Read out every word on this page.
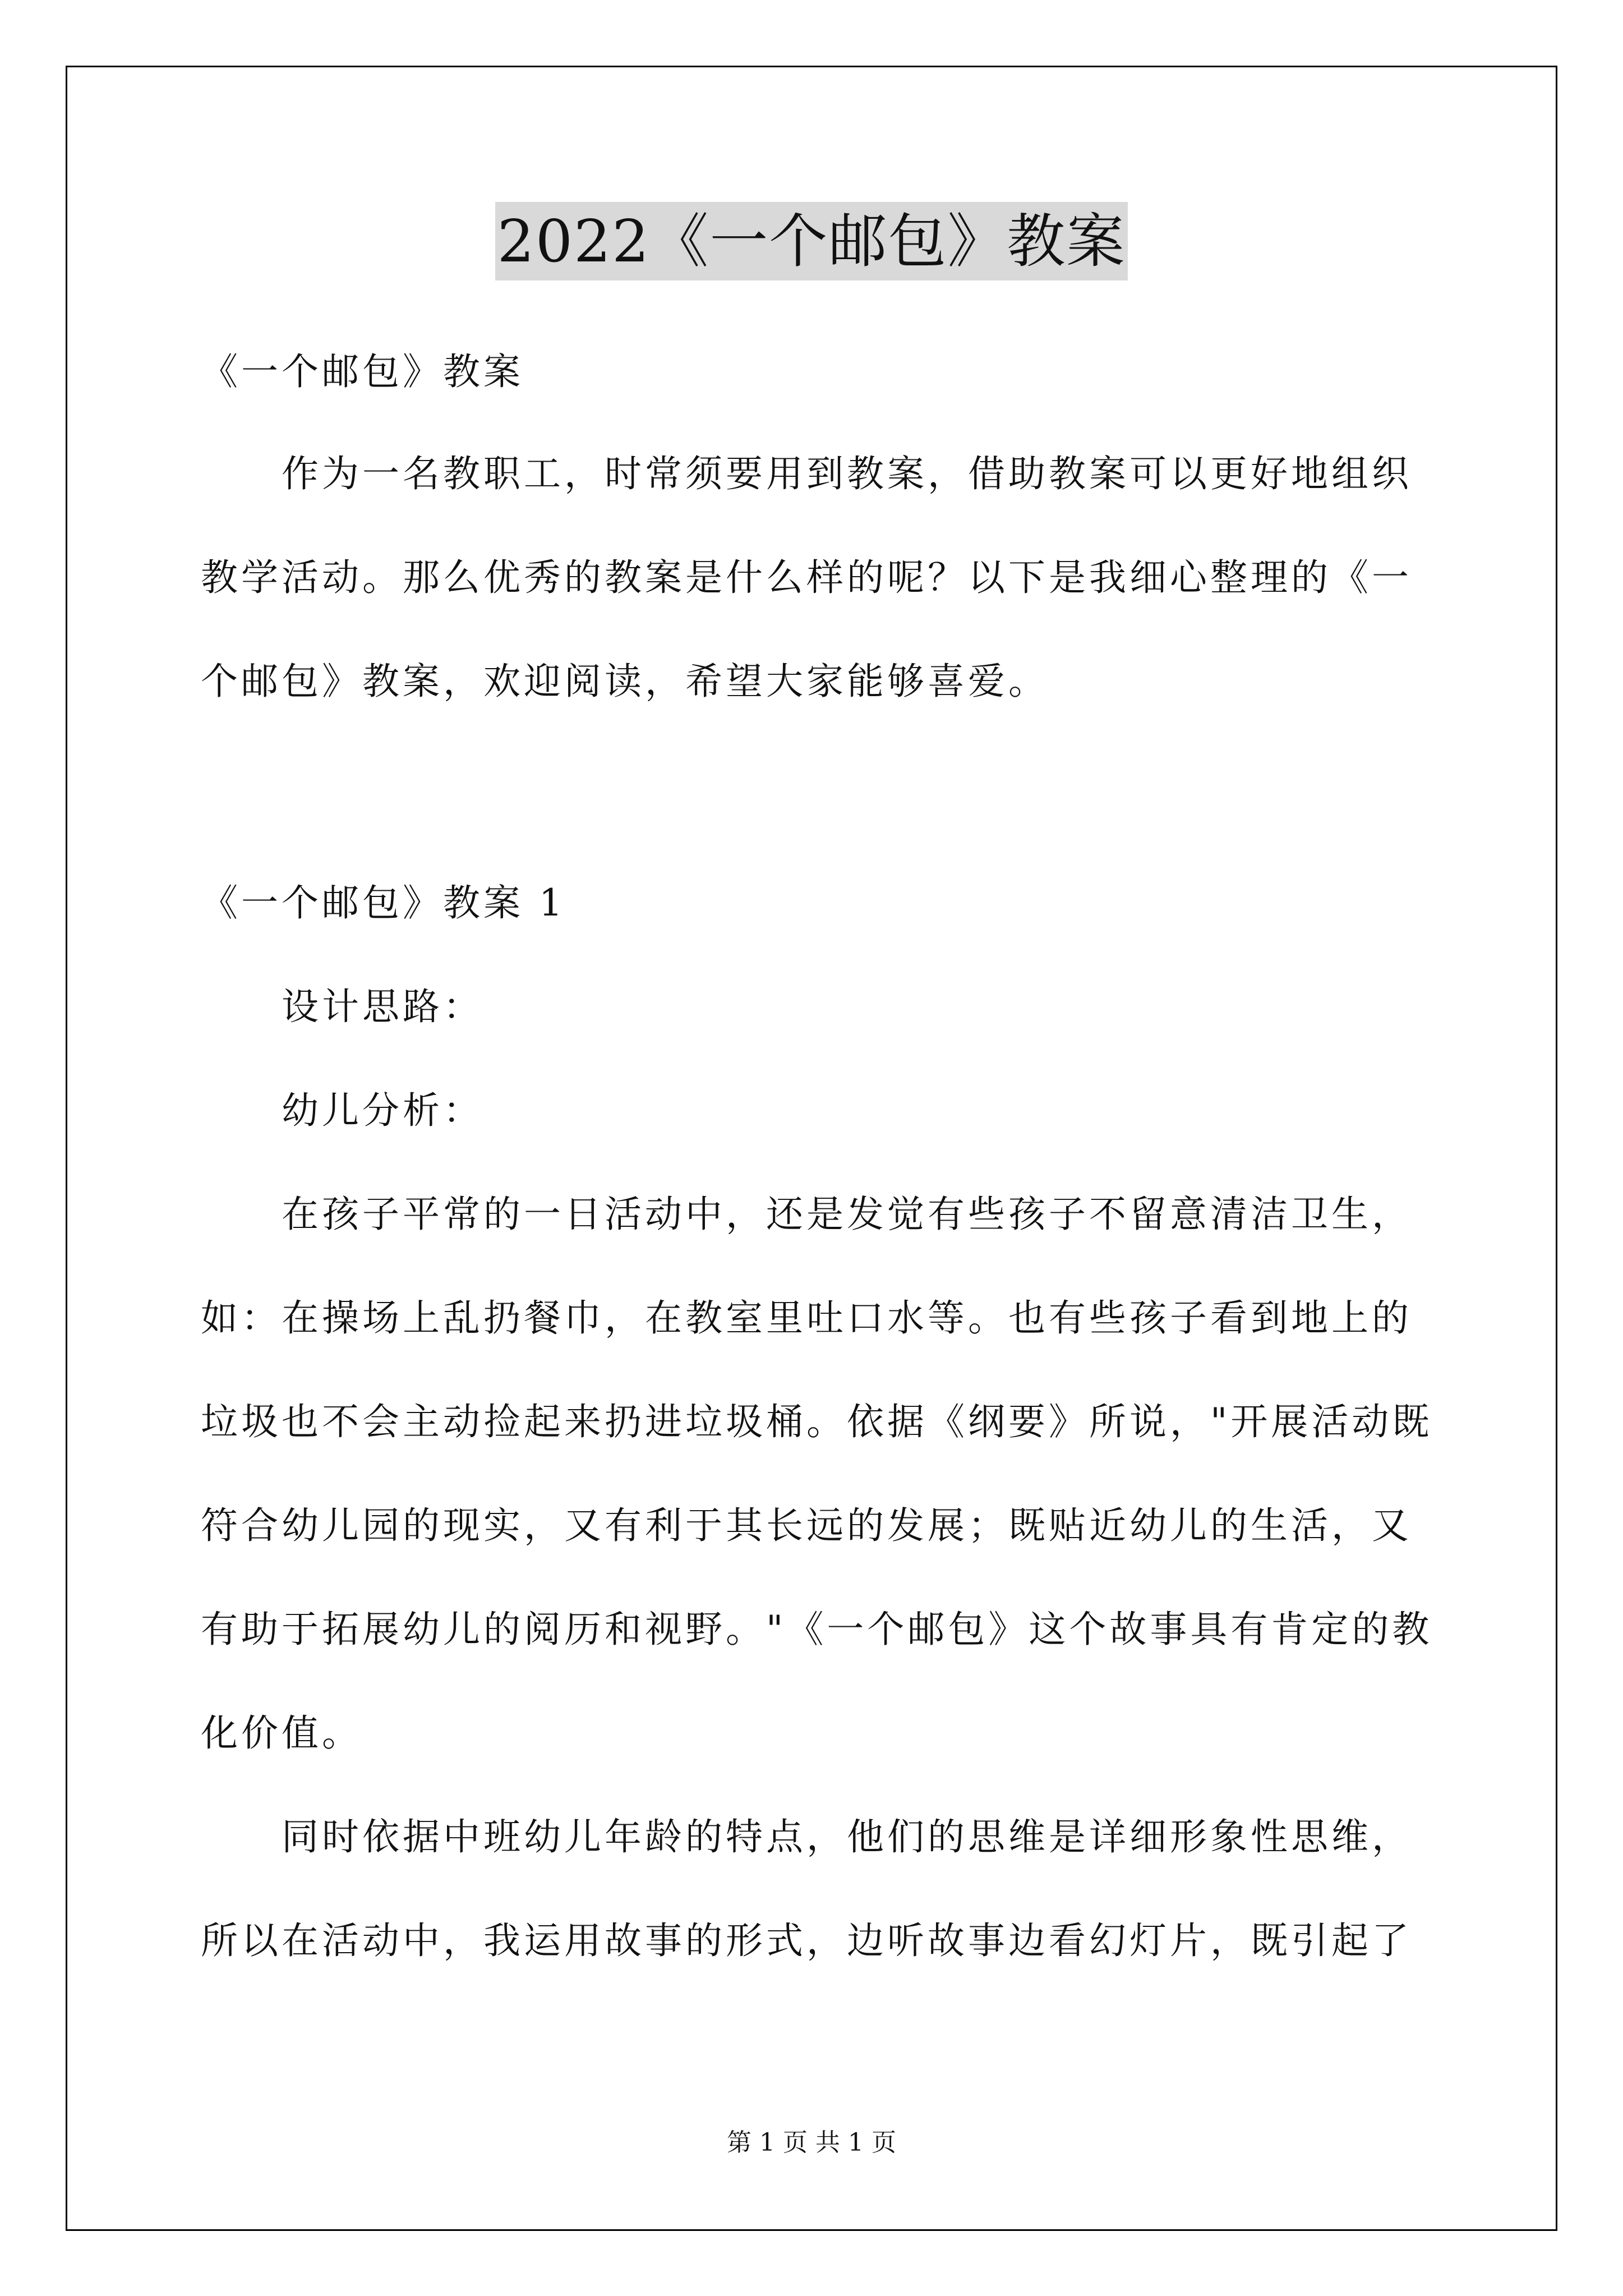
2022《一个邮包》教案
《一个邮包》教案
作为一名教职工，时常须要用到教案，借助教案可以更好地组织
教学活动。那么优秀的教案是什么样的呢？以下是我细心整理的《一
个邮包》教案，欢迎阅读，希望大家能够喜爱。
《一个邮包》教案 1
设计思路：
幼儿分析：
在孩子平常的一日活动中，还是发觉有些孩子不留意清洁卫生，
如：在操场上乱扔餐巾，在教室里吐口水等。也有些孩子看到地上的
垃圾也不会主动捡起来扔进垃圾桶。依据《纲要》所说，"开展活动既
符合幼儿园的现实，又有利于其长远的发展；既贴近幼儿的生活，又
有助于拓展幼儿的阅历和视野。"《一个邮包》这个故事具有肯定的教
化价值。
同时依据中班幼儿年龄的特点，他们的思维是详细形象性思维，
所以在活动中，我运用故事的形式，边听故事边看幻灯片，既引起了
第 1 页 共 1 页
